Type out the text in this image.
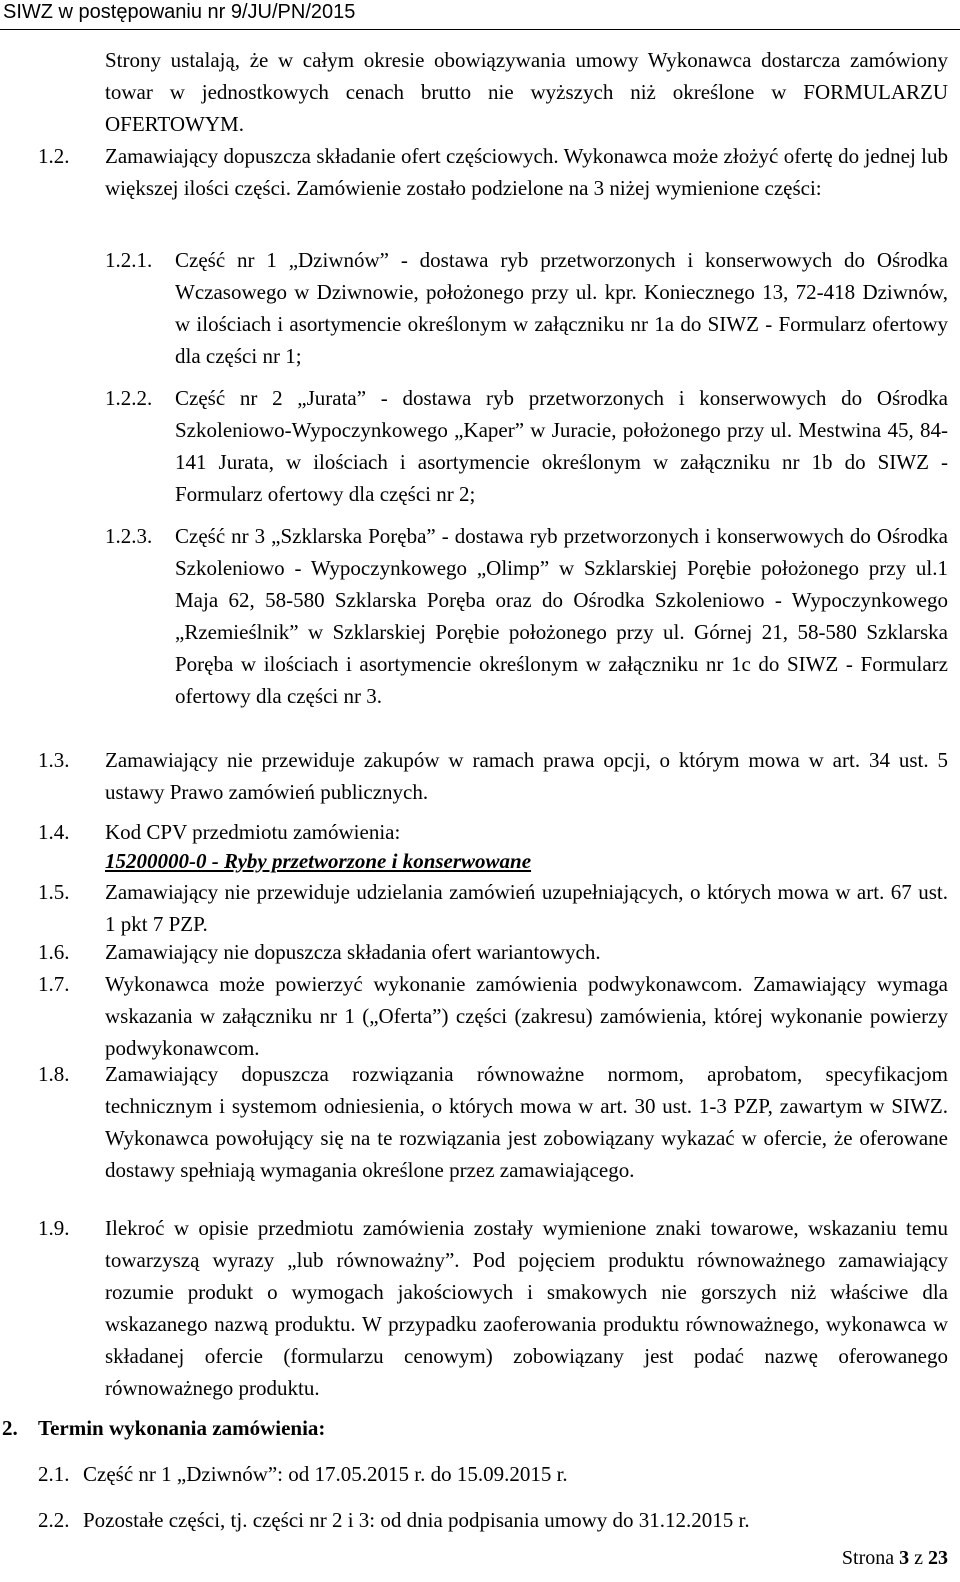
SIWZ w postępowaniu nr 9/JU/PN/2015
Strony ustalają, że w całym okresie obowiązywania umowy Wykonawca dostarcza zamówiony towar w jednostkowych cenach brutto nie wyższych niż określone w FORMULARZU OFERTOWYM.
1.2. Zamawiający dopuszcza składanie ofert częściowych. Wykonawca może złożyć ofertę do jednej lub większej ilości części. Zamówienie zostało podzielone na 3 niżej wymienione części:
1.2.1. Część nr 1 „Dziwnów” - dostawa ryb przetworzonych i konserwowych do Ośrodka Wczasowego w Dziwnowie, położonego przy ul. kpr. Koniecznego 13, 72-418 Dziwnów, w ilościach i asortymencie określonym w załączniku nr 1a do SIWZ - Formularz ofertowy dla części nr 1;
1.2.2. Część nr 2 „Jurata” - dostawa ryb przetworzonych i konserwowych do Ośrodka Szkoleniowo-Wypoczynkowego „Kaper” w Juracie, położonego przy ul. Mestwina 45, 84-141 Jurata, w ilościach i asortymencie określonym w załączniku nr 1b do SIWZ - Formularz ofertowy dla części nr 2;
1.2.3. Część nr 3 „Szklarska Poręba” - dostawa ryb przetworzonych i konserwowych do Ośrodka Szkoleniowo - Wypoczynkowego „Olimp” w Szklarskiej Porębie położonego przy ul.1 Maja 62, 58-580 Szklarska Poręba oraz do Ośrodka Szkoleniowo - Wypoczynkowego „Rzemieślnik” w Szklarskiej Porębie położonego przy ul. Górnej 21, 58-580 Szklarska Poręba w ilościach i asortymencie określonym w załączniku nr 1c do SIWZ - Formularz ofertowy dla części nr 3.
1.3. Zamawiający nie przewiduje zakupów w ramach prawa opcji, o którym mowa w art. 34 ust. 5 ustawy Prawo zamówień publicznych.
1.4. Kod CPV przedmiotu zamówienia:
15200000-0 - Ryby przetworzone i konserwowane
1.5. Zamawiający nie przewiduje udzielania zamówień uzupełniających, o których mowa w art. 67 ust. 1 pkt 7 PZP.
1.6. Zamawiający nie dopuszcza składania ofert wariantowych.
1.7. Wykonawca może powierzyć wykonanie zamówienia podwykonawcom. Zamawiający wymaga wskazania w załączniku nr 1 („Oferta”) części (zakresu) zamówienia, której wykonanie powierzy podwykonawcom.
1.8. Zamawiający dopuszcza rozwiązania równoważne normom, aprobatom, specyfikacjom technicznym i systemom odniesienia, o których mowa w art. 30 ust. 1-3 PZP, zawartym w SIWZ. Wykonawca powołujący się na te rozwiązania jest zobowiązany wykazać w ofercie, że oferowane dostawy spełniają wymagania określone przez zamawiającego.
1.9. Ilekroć w opisie przedmiotu zamówienia zostały wymienione znaki towarowe, wskazaniu temu towarzyszą wyrazy „lub równoważny”. Pod pojęciem produktu równoważnego zamawiający rozumie produkt o wymogach jakościowych i smakowych nie gorszych niż właściwe dla wskazanego nazwą produktu. W przypadku zaoferowania produktu równoważnego, wykonawca w składanej ofercie (formularzu cenowym) zobowiązany jest podać nazwę oferowanego równoważnego produktu.
2. Termin wykonania zamówienia:
2.1. Część nr 1 „Dziwnów”: od 17.05.2015 r. do 15.09.2015 r.
2.2. Pozostałe części, tj. części nr 2 i 3: od dnia podpisania umowy do 31.12.2015 r.
Strona 3 z 23
